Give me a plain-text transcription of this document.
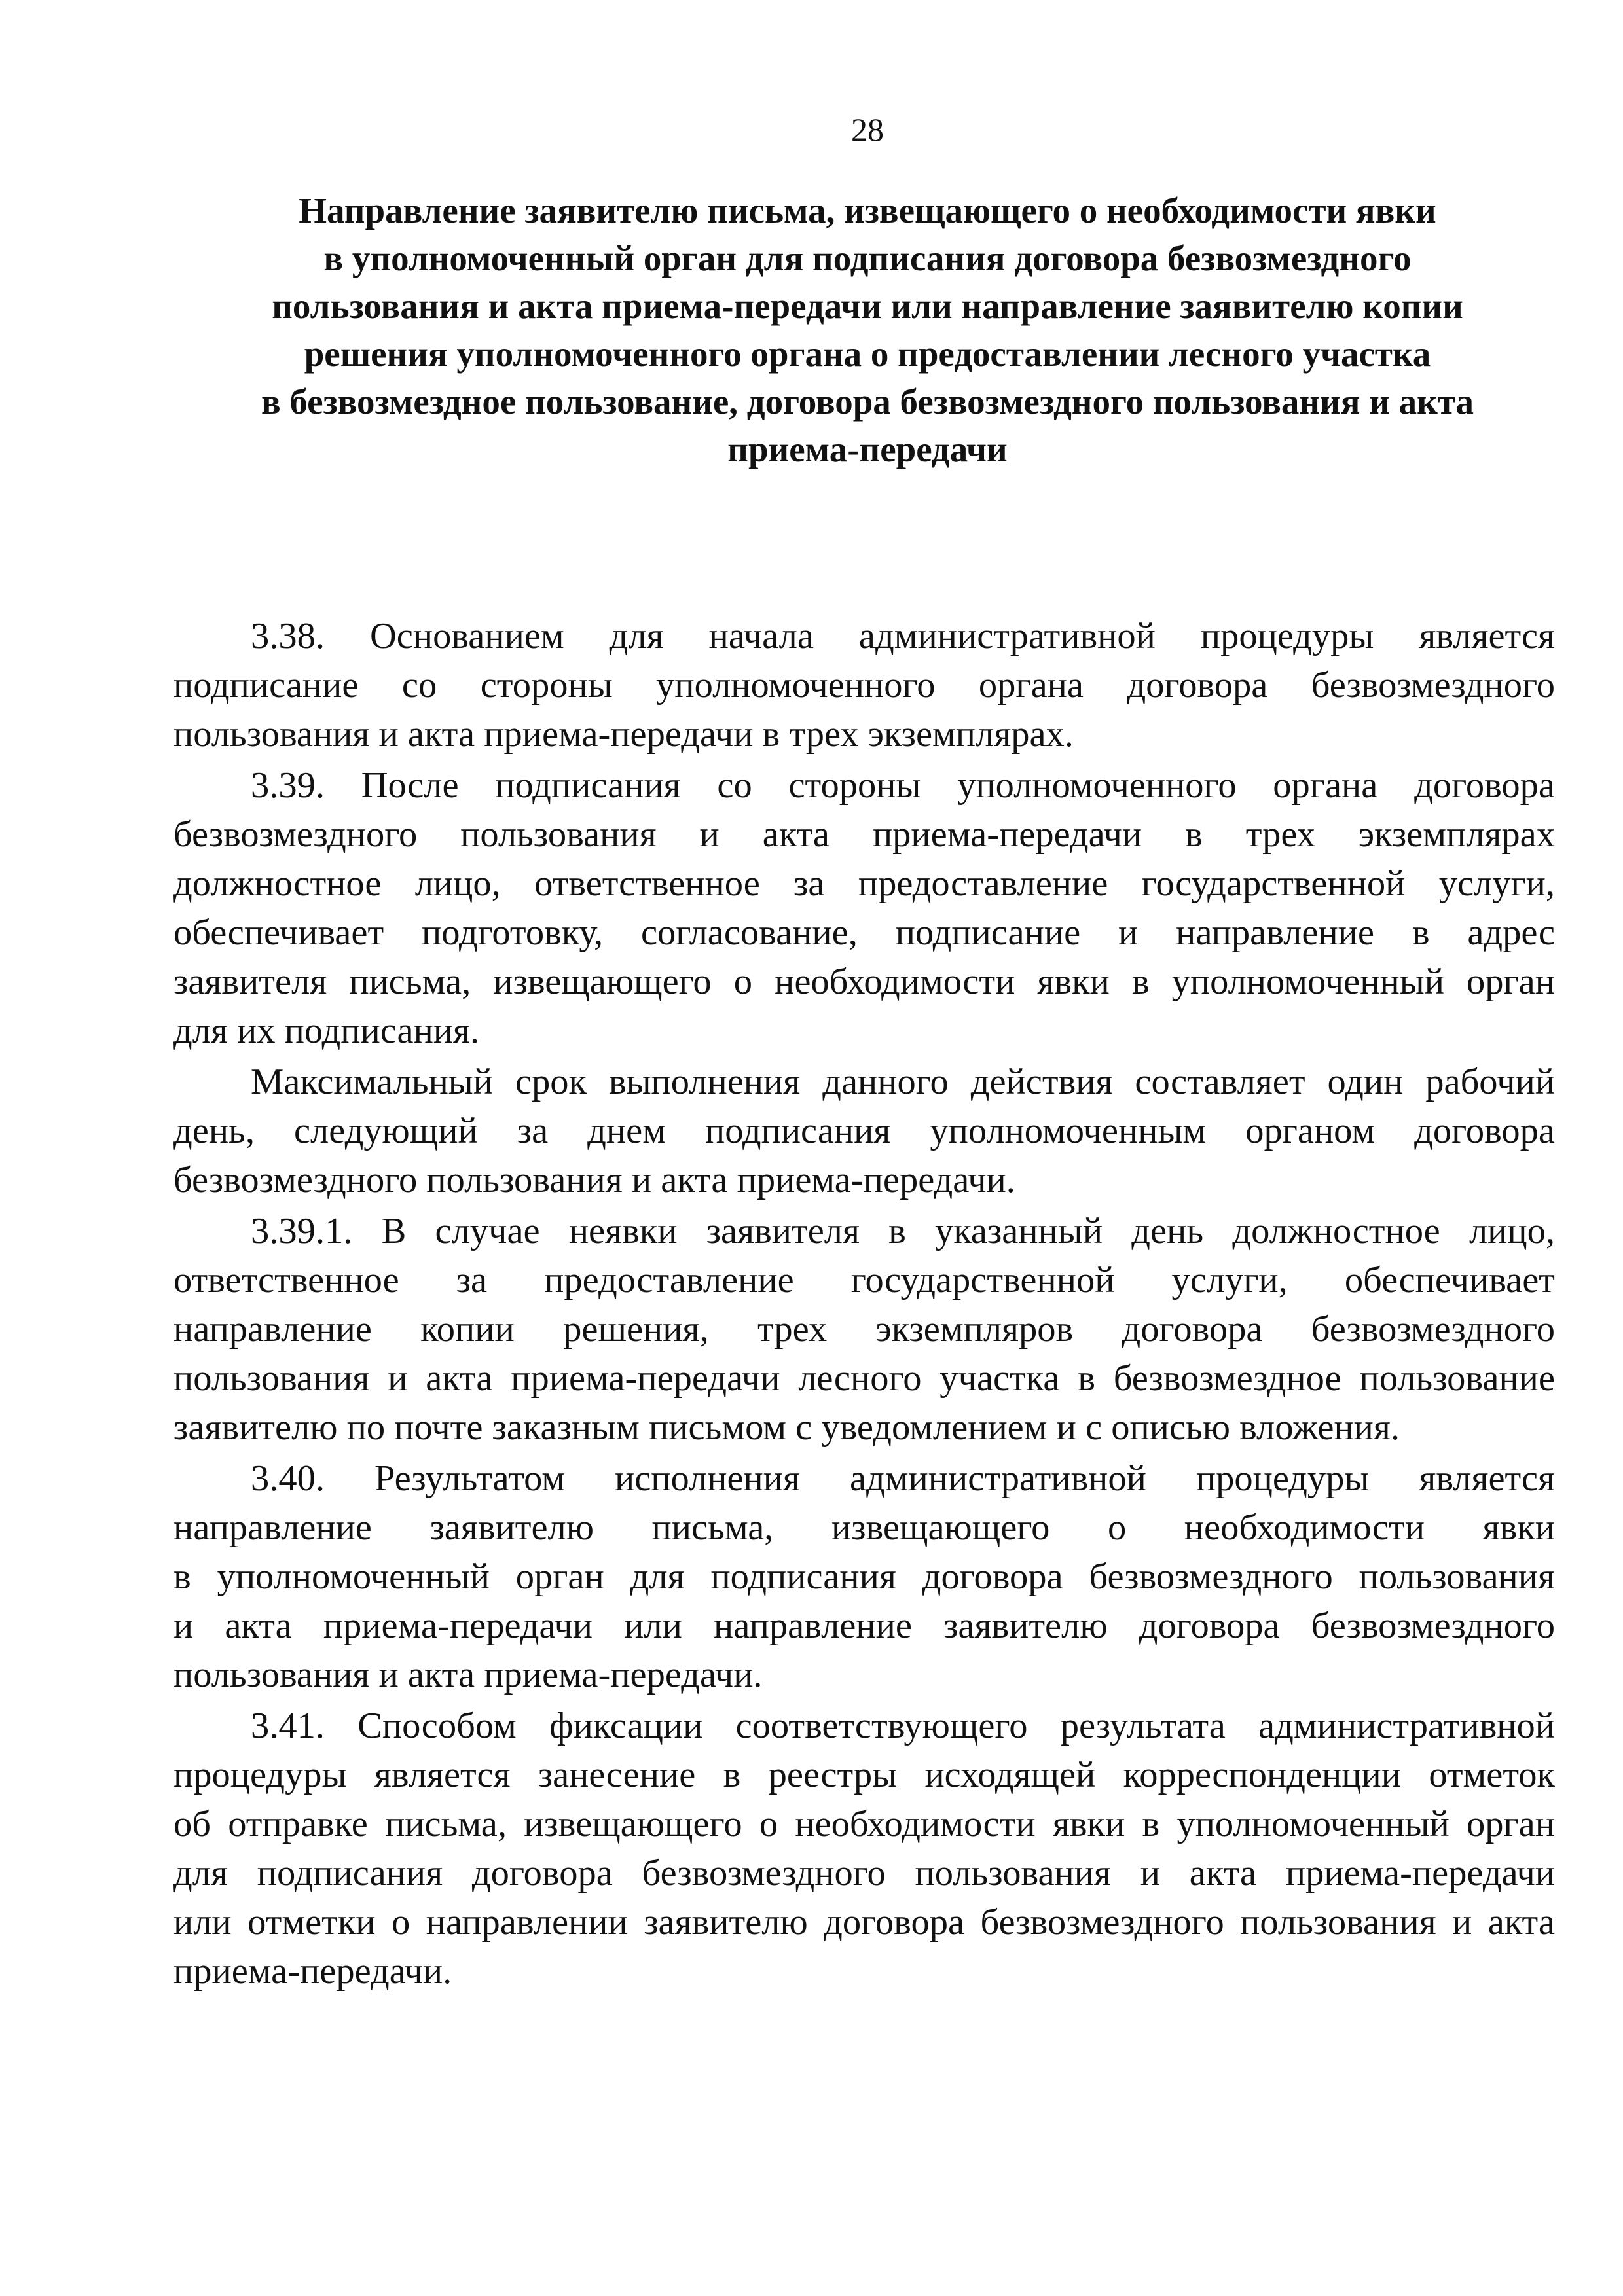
28
Направление заявителю письма, извещающего о необходимости явки
в уполномоченный орган для подписания договора безвозмездного
пользования и акта приема-передачи или направление заявителю копии
решения уполномоченного органа о предоставлении лесного участка
в безвозмездное пользование, договора безвозмездного пользования и акта
приема-передачи
3.38. Основанием для начала административной процедуры является
подписание со стороны уполномоченного органа договора безвозмездного
пользования и акта приема-передачи в трех экземплярах.
3.39. После подписания со стороны уполномоченного органа договора
безвозмездного пользования и акта приема-передачи в трех экземплярах
должностное лицо, ответственное за предоставление государственной услуги,
обеспечивает подготовку, согласование, подписание и направление в адрес
заявителя письма, извещающего о необходимости явки в уполномоченный орган
для их подписания.
Максимальный срок выполнения данного действия составляет один рабочий
день, следующий за днем подписания уполномоченным органом договора
безвозмездного пользования и акта приема-передачи.
3.39.1. В случае неявки заявителя в указанный день должностное лицо,
ответственное за предоставление государственной услуги, обеспечивает
направление копии решения, трех экземпляров договора безвозмездного
пользования и акта приема-передачи лесного участка в безвозмездное пользование
заявителю по почте заказным письмом с уведомлением и с описью вложения.
3.40. Результатом исполнения административной процедуры является
направление заявителю письма, извещающего о необходимости явки
в уполномоченный орган для подписания договора безвозмездного пользования
и акта приема-передачи или направление заявителю договора безвозмездного
пользования и акта приема-передачи.
3.41. Способом фиксации соответствующего результата административной
процедуры является занесение в реестры исходящей корреспонденции отметок
об отправке письма, извещающего о необходимости явки в уполномоченный орган
для подписания договора безвозмездного пользования и акта приема-передачи
или отметки о направлении заявителю договора безвозмездного пользования и акта
приема-передачи.
